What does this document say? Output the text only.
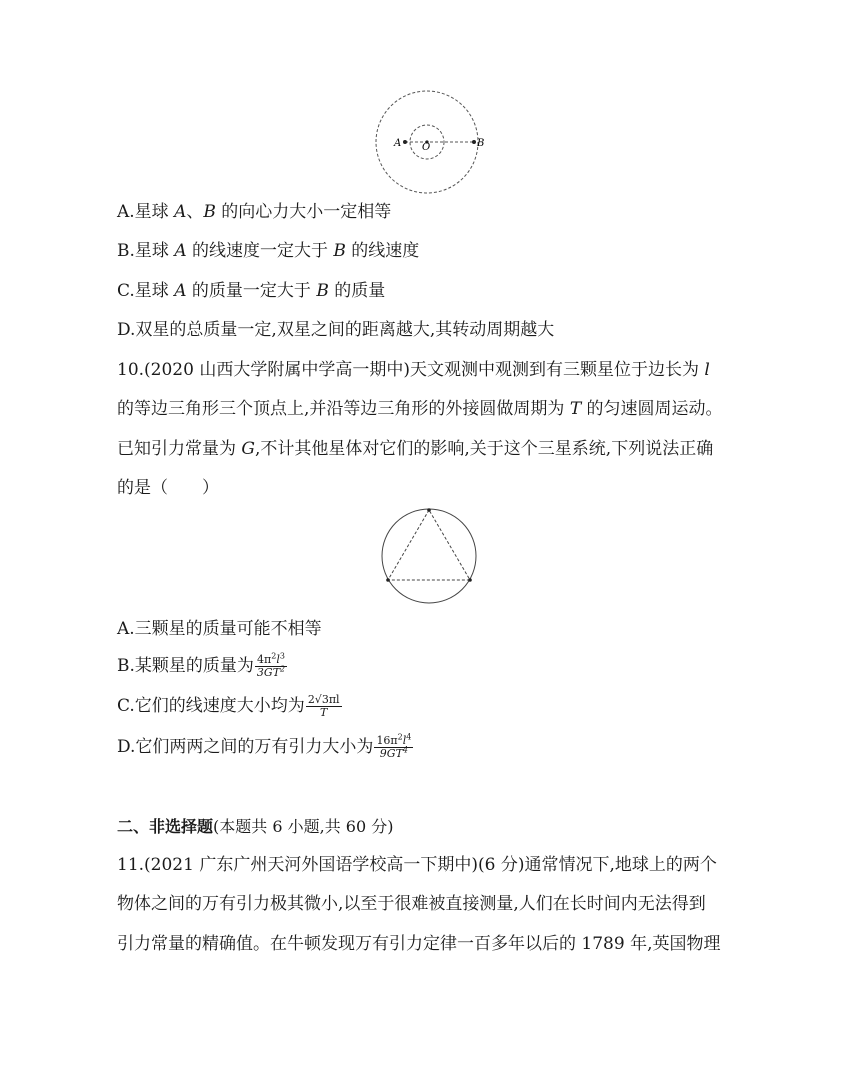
A O	B
A.星球 A、B 的向心力大小一定相等
B.星球 A 的线速度一定大于 B 的线速度
C.星球 A 的质量一定大于 B 的质量
D.双星的总质量一定,双星之间的距离越大,其转动周期越大
10.(2020 山西大学附属中学高一期中)天文观测中观测到有三颗星位于边长为 l
的等边三角形三个顶点上,并沿等边三角形的外接圆做周期为 T 的匀速圆周运动。
已知引力常量为 G,不计其他星体对它们的影响,关于这个三星系统,下列说法正确
的是（　　）
A.三颗星的质量可能不相等
B.某颗星的质量为 $\frac{4\pi^2l^3}{3GT^2}$
C.它们的线速度大小均为 $\frac{2√3\pi l}{T}$
D.它们两两之间的万有引力大小为 $\frac{16\pi^2l^4}{9GT^4}$
二、非选择题(本题共 6 小题,共 60 分)
11.(2021 广东广州天河外国语学校高一下期中)(6 分)通常情况下,地球上的两个
物体之间的万有引力极其微小,以至于很难被直接测量,人们在长时间内无法得到
引力常量的精确值。在牛顿发现万有引力定律一百多年以后的 1789 年,英国物理
